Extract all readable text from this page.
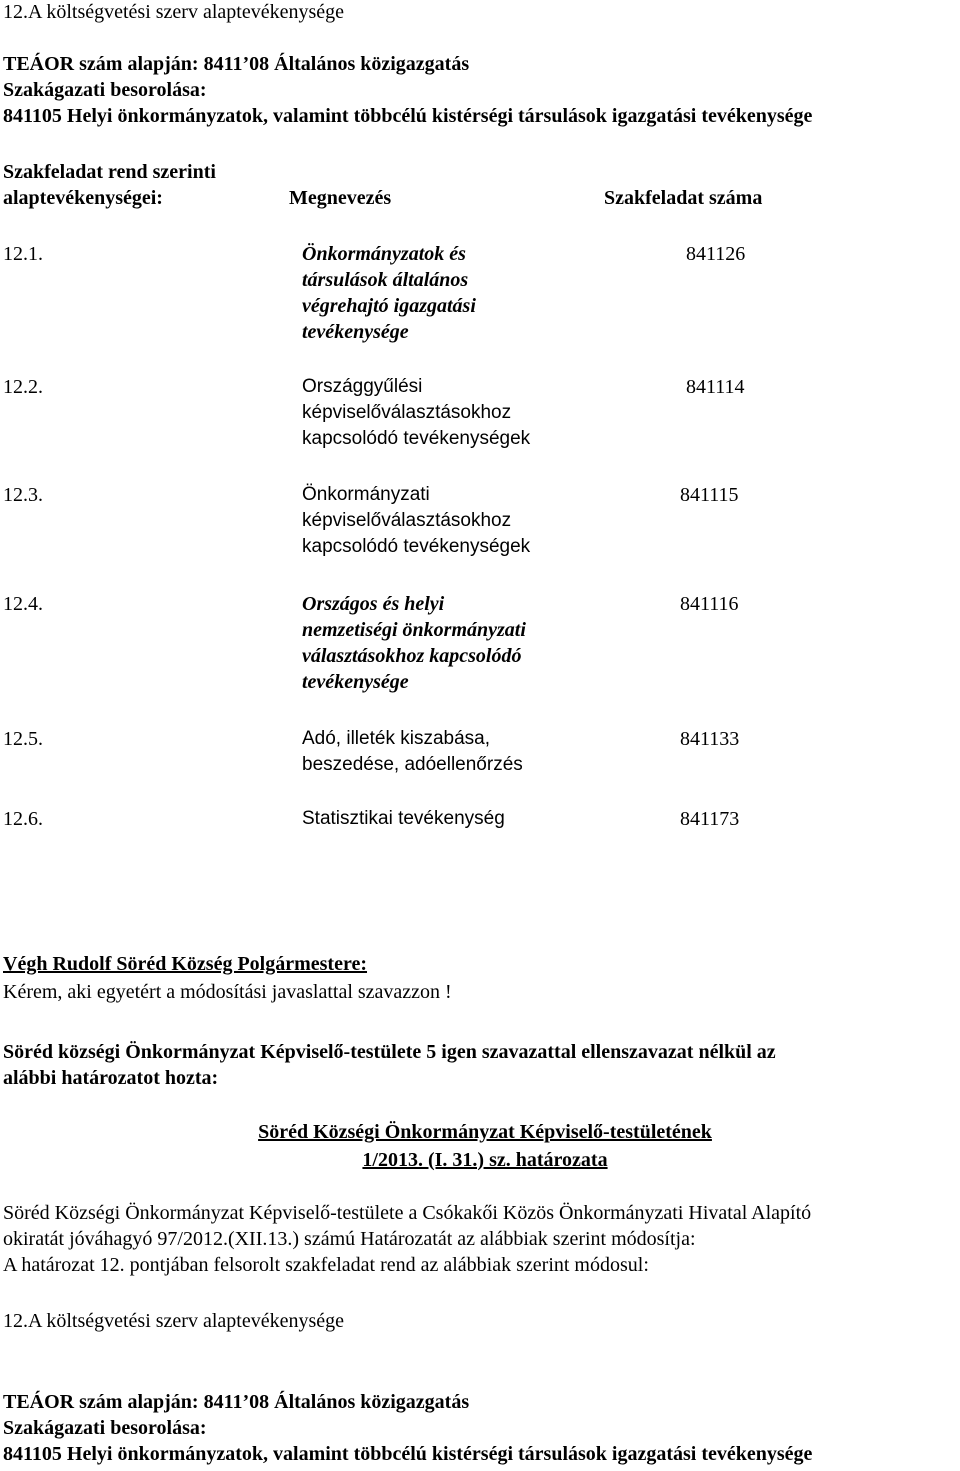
12.A költségvetési szerv alaptevékenysége
TEÁOR szám alapján: 8411’08 Általános közigazgatás
Szakágazati besorolása:
841105 Helyi önkormányzatok, valamint többcélú kistérségi társulások igazgatási tevékenysége
Szakfeladat rend szerinti
alaptevékenységei:	Megnevezés	Szakfeladat száma
12.1.	Önkormányzatok és
társulások általános
végrehajtó igazgatási
tevékenysége
841126
12.2.	Országgyűlési
képviselőválasztásokhoz
kapcsolódó tevékenységek
841114
12.3.	Önkormányzati
képviselőválasztásokhoz
kapcsolódó tevékenységek
841115
12.4.	Országos és helyi
nemzetiségi önkormányzati
választásokhoz kapcsolódó
tevékenysége
841116
12.5.	Adó, illeték kiszabása,
beszedése, adóellenőrzés
841133
12.6.	Statisztikai tevékenység	841173
Végh Rudolf Söréd Község Polgármestere:
Kérem, aki egyetért a módosítási javaslattal szavazzon !
Söréd községi Önkormányzat Képviselő-testülete 5 igen szavazattal ellenszavazat nélkül az
alábbi határozatot hozta:
Söréd Községi Önkormányzat Képviselő-testületének
1/2013. (I. 31.) sz. határozata
Söréd Községi Önkormányzat Képviselő-testülete a Csókakői Közös Önkormányzati Hivatal Alapító
okiratát jóváhagyó 97/2012.(XII.13.) számú Határozatát az alábbiak szerint módosítja:
A határozat 12. pontjában felsorolt szakfeladat rend az alábbiak szerint módosul:
12.A költségvetési szerv alaptevékenysége
TEÁOR szám alapján: 8411’08 Általános közigazgatás
Szakágazati besorolása:
841105 Helyi önkormányzatok, valamint többcélú kistérségi társulások igazgatási tevékenysége
